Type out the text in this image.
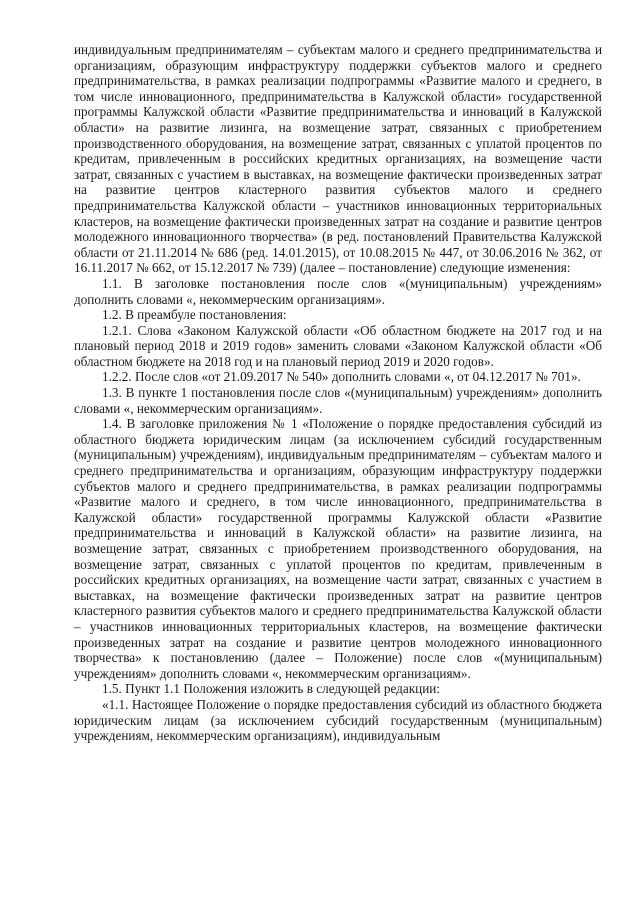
индивидуальным предпринимателям – субъектам малого и среднего предпринимательства и организациям, образующим инфраструктуру поддержки субъектов малого и среднего предпринимательства, в рамках реализации подпрограммы «Развитие малого и среднего, в том числе инновационного, предпринимательства в Калужской области» государственной программы Калужской области «Развитие предпринимательства и инноваций в Калужской области» на развитие лизинга, на возмещение затрат, связанных с приобретением производственного оборудования, на возмещение затрат, связанных с уплатой процентов по кредитам, привлеченным в российских кредитных организациях, на возмещение части затрат, связанных с участием в выставках, на возмещение фактически произведенных затрат на развитие центров кластерного развития субъектов малого и среднего предпринимательства Калужской области – участников инновационных территориальных кластеров, на возмещение фактически произведенных затрат на создание и развитие центров молодежного инновационного творчества» (в ред. постановлений Правительства Калужской области от 21.11.2014 № 686 (ред. 14.01.2015), от 10.08.2015 № 447, от 30.06.2016 № 362, от 16.11.2017 № 662, от 15.12.2017 № 739) (далее – постановление) следующие изменения:

1.1. В заголовке постановления после слов «(муниципальным) учреждениям» дополнить словами «, некоммерческим организациям».

1.2. В преамбуле постановления:

1.2.1. Слова «Законом Калужской области «Об областном бюджете на 2017 год и на плановый период 2018 и 2019 годов» заменить словами «Законом Калужской области «Об областном бюджете на 2018 год и на плановый период 2019 и 2020 годов».

1.2.2. После слов «от 21.09.2017 № 540» дополнить словами «, от 04.12.2017 № 701».

1.3. В пункте 1 постановления после слов «(муниципальным) учреждениям» дополнить словами «, некоммерческим организациям».

1.4. В заголовке приложения № 1 «Положение о порядке предоставления субсидий из областного бюджета юридическим лицам (за исключением субсидий государственным (муниципальным) учреждениям), индивидуальным предпринимателям – субъектам малого и среднего предпринимательства и организациям, образующим инфраструктуру поддержки субъектов малого и среднего предпринимательства, в рамках реализации подпрограммы «Развитие малого и среднего, в том числе инновационного, предпринимательства в Калужской области» государственной программы Калужской области «Развитие предпринимательства и инноваций в Калужской области» на развитие лизинга, на возмещение затрат, связанных с приобретением производственного оборудования, на возмещение затрат, связанных с уплатой процентов по кредитам, привлеченным в российских кредитных организациях, на возмещение части затрат, связанных с участием в выставках, на возмещение фактически произведенных затрат на развитие центров кластерного развития субъектов малого и среднего предпринимательства Калужской области – участников инновационных территориальных кластеров, на возмещение фактически произведенных затрат на создание и развитие центров молодежного инновационного творчества» к постановлению (далее – Положение) после слов «(муниципальным) учреждениям» дополнить словами «, некоммерческим организациям».

1.5. Пункт 1.1 Положения изложить в следующей редакции:

«1.1. Настоящее Положение о порядке предоставления субсидий из областного бюджета юридическим лицам (за исключением субсидий государственным (муниципальным) учреждениям, некоммерческим организациям), индивидуальным
